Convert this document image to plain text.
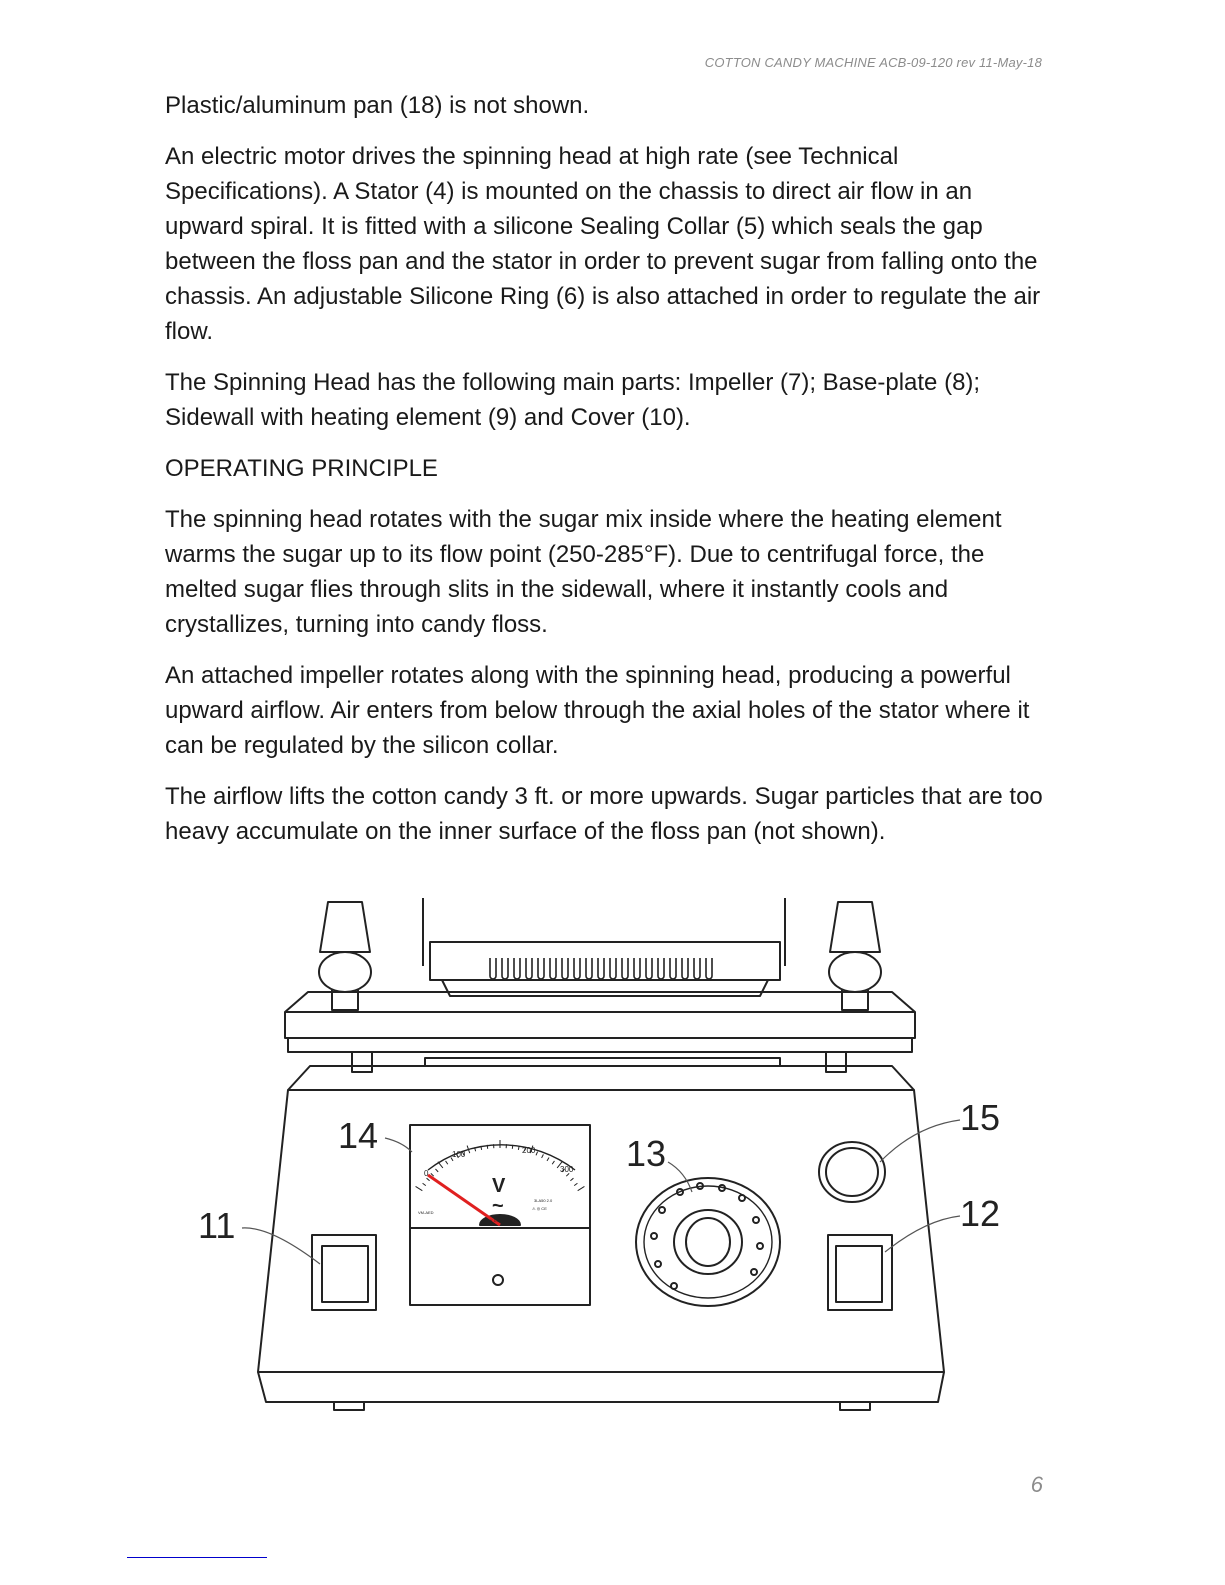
COTTON CANDY MACHINE ACB-09-120 rev 11-May-18

Plastic/aluminum pan (18) is not shown.

An electric motor drives the spinning head at high rate (see Technical Specifications). A Stator (4) is mounted on the chassis to direct air flow in an upward spiral. It is fitted with a silicone Sealing Collar (5) which seals the gap between the floss pan and the stator in order to prevent sugar from falling onto the chassis. An adjustable Silicone Ring (6) is also attached in order to regulate the air flow.

The Spinning Head has the following main parts: Impeller (7); Base-plate (8); Sidewall with heating element (9) and Cover (10).

OPERATING PRINCIPLE

The spinning head rotates with the sugar mix inside where the heating element warms the sugar up to its flow point (250-285°F). Due to centrifugal force, the melted sugar flies through slits in the sidewall, where it instantly cools and crystallizes, turning into candy floss.

An attached impeller rotates along with the spinning head, producing a powerful upward airflow. Air enters from below through the axial holes of the stator where it can be regulated by the silicon collar.

The airflow lifts the cotton candy 3 ft. or more upwards. Sugar particles that are too heavy accumulate on the inner surface of the floss pan (not shown).

0
100	200
300
V
~
K 1.0
VM-AED
3LA50 2.0
⚠ ◎ CE
14	13
15
12
11
6
